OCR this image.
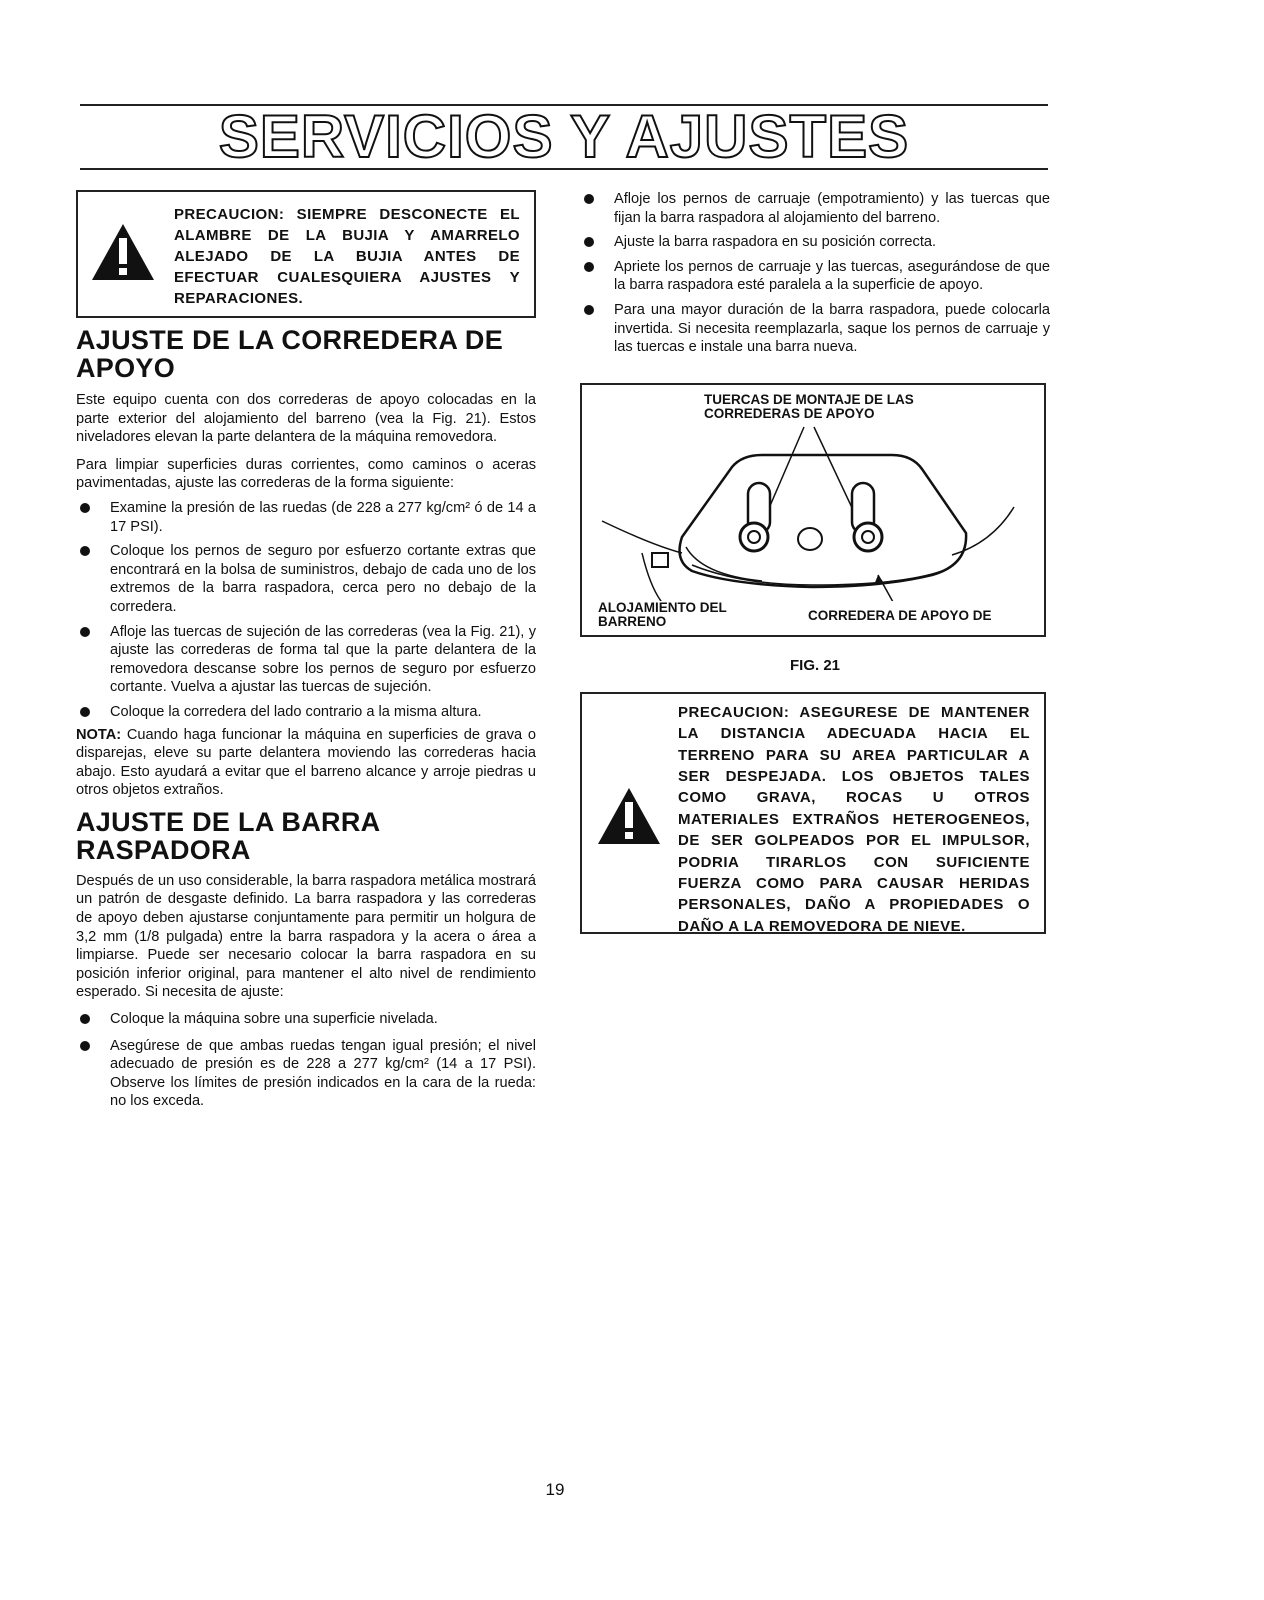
SERVICIOS Y AJUSTES
PRECAUCION: SIEMPRE DESCONECTE EL ALAMBRE DE LA BUJIA Y AMARRELO ALEJADO DE LA BUJIA ANTES DE EFECTUAR CUALESQUIERA AJUSTES Y REPARACIONES.
AJUSTE DE LA CORREDERA DE APOYO

Este equipo cuenta con dos correderas de apoyo colocadas en la parte exterior del alojamiento del barreno (vea la Fig. 21). Estos niveladores elevan la parte delantera de la máquina removedora.

Para limpiar superficies duras corrientes, como caminos o aceras pavimentadas, ajuste las correderas de la forma siguiente:

Examine la presión de las ruedas (de 228 a 277 kg/cm² ó de 14 a 17 PSI).
Coloque los pernos de seguro por esfuerzo cortante extras que encontrará en la bolsa de suministros, debajo de cada uno de los extremos de la barra raspadora, cerca pero no debajo de la corredera.
Afloje las tuercas de sujeción de las correderas (vea la Fig. 21), y ajuste las correderas de forma tal que la parte delantera de la removedora descanse sobre los pernos de seguro por esfuerzo cortante. Vuelva a ajustar las tuercas de sujeción.
Coloque la corredera del lado contrario a la misma altura.

NOTA: Cuando haga funcionar la máquina en superficies de grava o disparejas, eleve su parte delantera moviendo las correderas hacia abajo. Esto ayudará a evitar que el barreno alcance y arroje piedras u otros objetos extraños.

AJUSTE DE LA BARRA RASPADORA

Después de un uso considerable, la barra raspadora metálica mostrará un patrón de desgaste definido. La barra raspadora y las correderas de apoyo deben ajustarse conjuntamente para permitir un holgura de 3,2 mm (1/8 pulgada) entre la barra raspadora y la acera o área a limpiarse. Puede ser necesario colocar la barra raspadora en su posición inferior original, para mantener el alto nivel de rendimiento esperado. Si necesita de ajuste:

Coloque la máquina sobre una superficie nivelada.
Asegúrese de que ambas ruedas tengan igual presión; el nivel adecuado de presión es de 228 a 277 kg/cm² (14 a 17 PSI). Observe los límites de presión indicados en la cara de la rueda: no los exceda.
Afloje los pernos de carruaje (empotramiento) y las tuercas que fijan la barra raspadora al alojamiento del barreno.
Ajuste la barra raspadora en su posición correcta.
Apriete los pernos de carruaje y las tuercas, asegurándose de que la barra raspadora esté paralela a la superficie de apoyo.
Para una mayor duración de la barra raspadora, puede colocarla invertida. Si necesita reemplazarla, saque los pernos de carruaje y las tuercas e instale una barra nueva.
TUERCAS DE MONTAJE DE LAS CORREDERAS DE APOYO
ALOJAMIENTO DEL BARRENO	CORREDERA DE APOYO DE
FIG. 21
PRECAUCION: ASEGURESE DE MANTENER LA DISTANCIA ADECUADA HACIA EL TERRENO PARA SU AREA PARTICULAR A SER DESPEJADA. LOS OBJETOS TALES COMO GRAVA, ROCAS U OTROS MATERIALES EXTRAÑOS HETEROGENEOS, DE SER GOLPEADOS POR EL IMPULSOR, PODRIA TIRARLOS CON SUFICIENTE FUERZA COMO PARA CAUSAR HERIDAS PERSONALES, DAÑO A PROPIEDADES O DAÑO A LA REMOVEDORA DE NIEVE.
19
